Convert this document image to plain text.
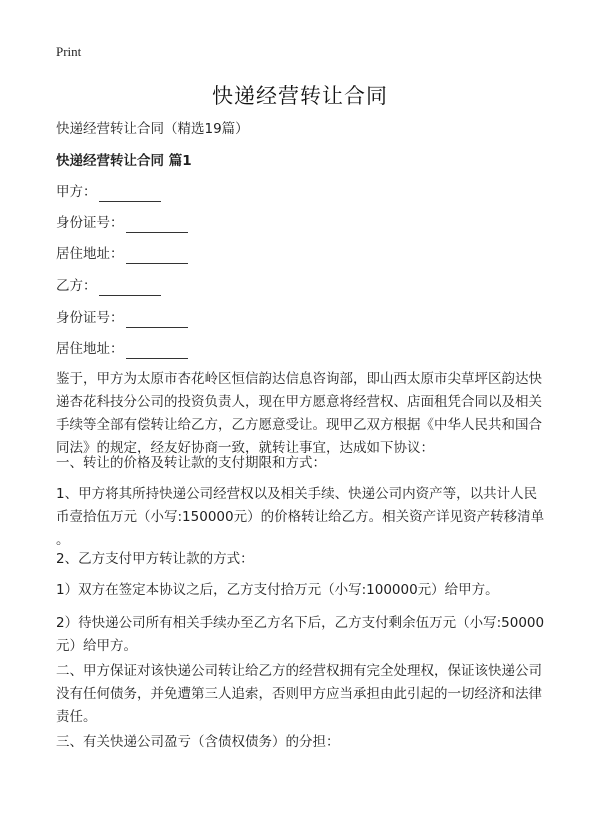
Print
快递经营转让合同
快递经营转让合同（精选19篇）
快递经营转让合同 篇1
甲方：
身份证号：
居住地址：
乙方：
身份证号：
居住地址：
鉴于，甲方为太原市杏花岭区恒信韵达信息咨询部，即山西太原市尖草坪区韵达快
递杏花科技分公司的投资负责人，现在甲方愿意将经营权、店面租凭合同以及相关
手续等全部有偿转让给乙方，乙方愿意受让。现甲乙双方根据《中华人民共和国合
同法》的规定，经友好协商一致，就转让事宜，达成如下协议：
一、转让的价格及转让款的支付期限和方式：
1、甲方将其所持快递公司经营权以及相关手续、快递公司内资产等，以共计人民
币壹拾伍万元（小写:150000元）的价格转让给乙方。相关资产详见资产转移清单
。
2、乙方支付甲方转让款的方式：
1）双方在签定本协议之后，乙方支付拾万元（小写:100000元）给甲方。
2）待快递公司所有相关手续办至乙方名下后，乙方支付剩余伍万元（小写:50000
元）给甲方。
二、甲方保证对该快递公司转让给乙方的经营权拥有完全处理权，保证该快递公司
没有任何债务，并免遭第三人追索，否则甲方应当承担由此引起的一切经济和法律
责任。
三、有关快递公司盈亏（含债权债务）的分担：
